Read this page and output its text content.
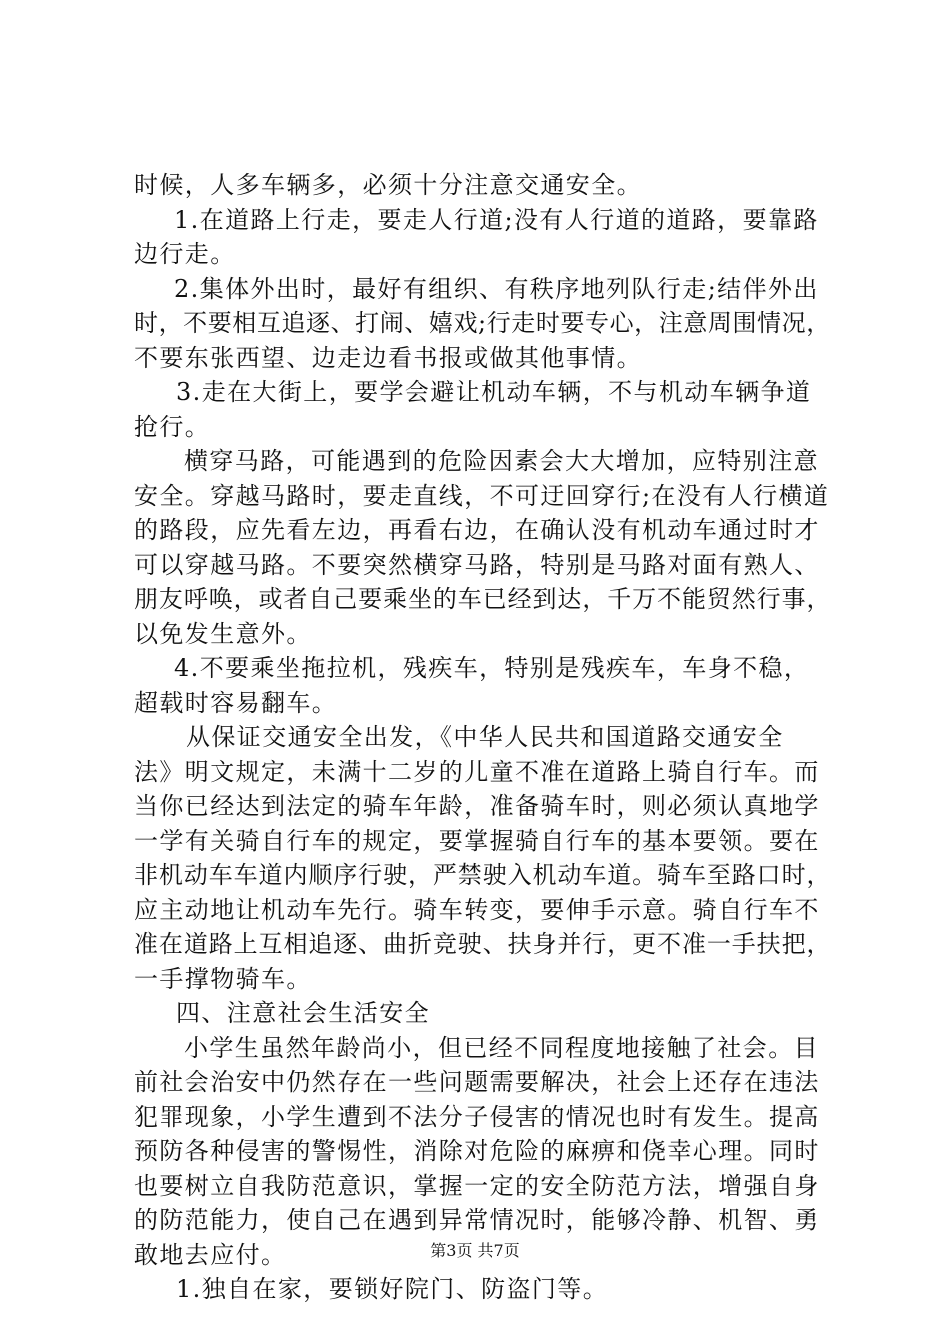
时候，人多车辆多，必须十分注意交通安全。
1.在道路上行走，要走人行道;没有人行道的道路，要靠路
边行走。
2.集体外出时，最好有组织、有秩序地列队行走;结伴外出
时，不要相互追逐、打闹、嬉戏;行走时要专心，注意周围情况，
不要东张西望、边走边看书报或做其他事情。
3.走在大街上，要学会避让机动车辆，不与机动车辆争道
抢行。
横穿马路，可能遇到的危险因素会大大增加，应特别注意
安全。穿越马路时，要走直线，不可迂回穿行;在没有人行横道
的路段，应先看左边，再看右边，在确认没有机动车通过时才
可以穿越马路。不要突然横穿马路，特别是马路对面有熟人、
朋友呼唤，或者自己要乘坐的车已经到达，千万不能贸然行事，
以免发生意外。
4.不要乘坐拖拉机，残疾车，特别是残疾车，车身不稳，
超载时容易翻车。
从保证交通安全出发，《中华人民共和国道路交通安全
法》明文规定，未满十二岁的儿童不准在道路上骑自行车。而
当你已经达到法定的骑车年龄，准备骑车时，则必须认真地学
一学有关骑自行车的规定，要掌握骑自行车的基本要领。要在
非机动车车道内顺序行驶，严禁驶入机动车道。骑车至路口时，
应主动地让机动车先行。骑车转变，要伸手示意。骑自行车不
准在道路上互相追逐、曲折竞驶、扶身并行，更不准一手扶把，
一手撑物骑车。
四、注意社会生活安全
小学生虽然年龄尚小，但已经不同程度地接触了社会。目
前社会治安中仍然存在一些问题需要解决，社会上还存在违法
犯罪现象，小学生遭到不法分子侵害的情况也时有发生。提高
预防各种侵害的警惕性，消除对危险的麻痹和侥幸心理。同时
也要树立自我防范意识，掌握一定的安全防范方法，增强自身
的防范能力，使自己在遇到异常情况时，能够冷静、机智、勇
敢地去应付。
1.独自在家，要锁好院门、防盗门等。
第3页 共7页
